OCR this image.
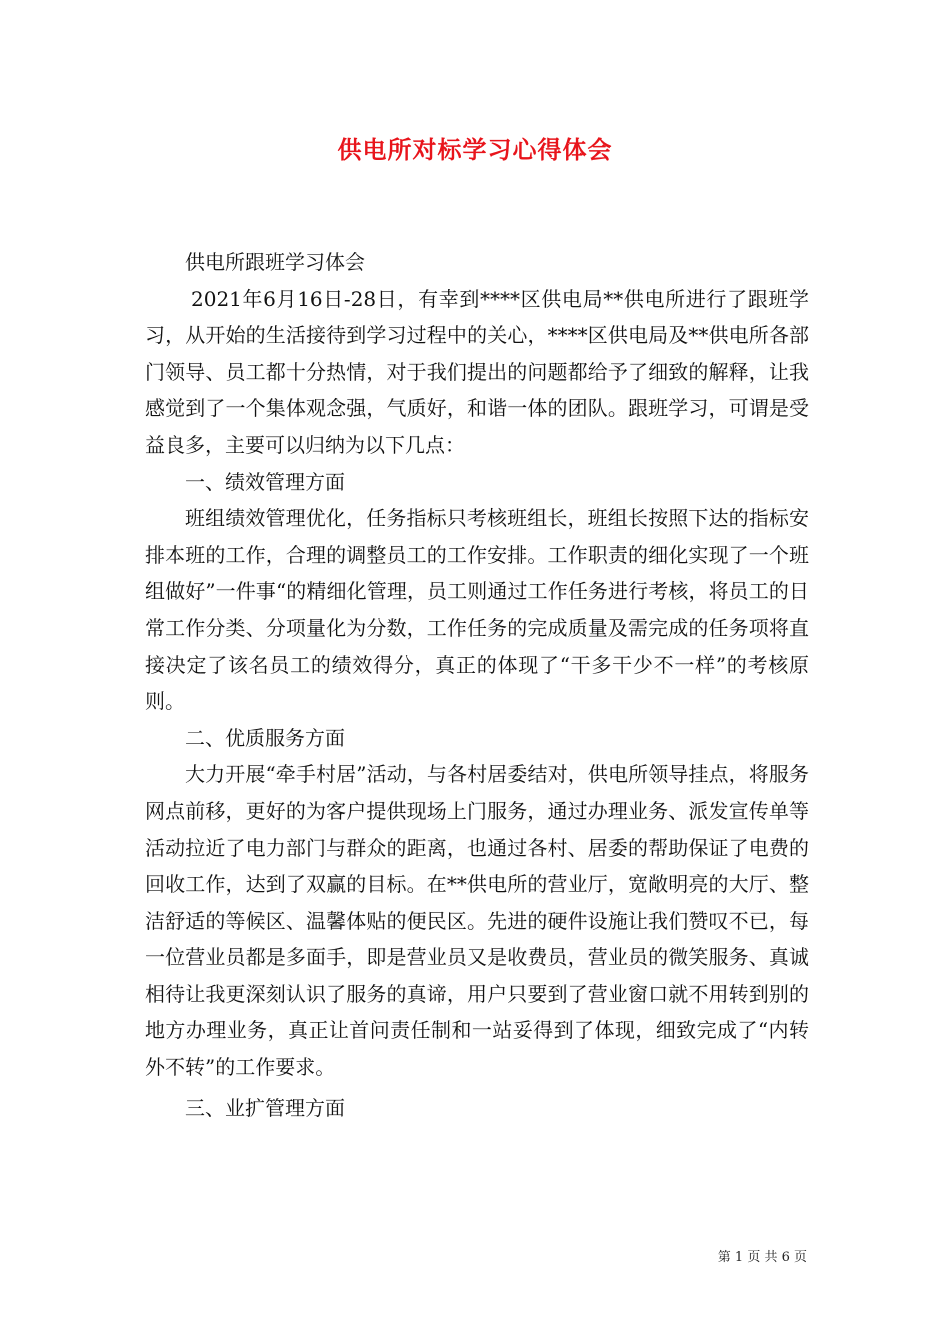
供电所对标学习心得体会

供电所跟班学习体会

2021年6月16日-28日，有幸到****区供电局**供电所进行了跟班学习，从开始的生活接待到学习过程中的关心，****区供电局及**供电所各部门领导、员工都十分热情，对于我们提出的问题都给予了细致的解释，让我感觉到了一个集体观念强，气质好，和谐一体的团队。跟班学习，可谓是受益良多，主要可以归纳为以下几点：

一、绩效管理方面

班组绩效管理优化，任务指标只考核班组长，班组长按照下达的指标安排本班的工作，合理的调整员工的工作安排。工作职责的细化实现了一个班组做好”一件事“的精细化管理，员工则通过工作任务进行考核，将员工的日常工作分类、分项量化为分数，工作任务的完成质量及需完成的任务项将直接决定了该名员工的绩效得分，真正的体现了“干多干少不一样”的考核原则。

二、优质服务方面

大力开展“牵手村居”活动，与各村居委结对，供电所领导挂点，将服务网点前移，更好的为客户提供现场上门服务，通过办理业务、派发宣传单等活动拉近了电力部门与群众的距离，也通过各村、居委的帮助保证了电费的回收工作，达到了双赢的目标。在**供电所的营业厅，宽敞明亮的大厅、整洁舒适的等候区、温馨体贴的便民区。先进的硬件设施让我们赞叹不已，每一位营业员都是多面手，即是营业员又是收费员，营业员的微笑服务、真诚相待让我更深刻认识了服务的真谛，用户只要到了营业窗口就不用转到别的地方办理业务，真正让首问责任制和一站妥得到了体现，细致完成了“内转外不转”的工作要求。

三、业扩管理方面

第 1 页 共 6 页
